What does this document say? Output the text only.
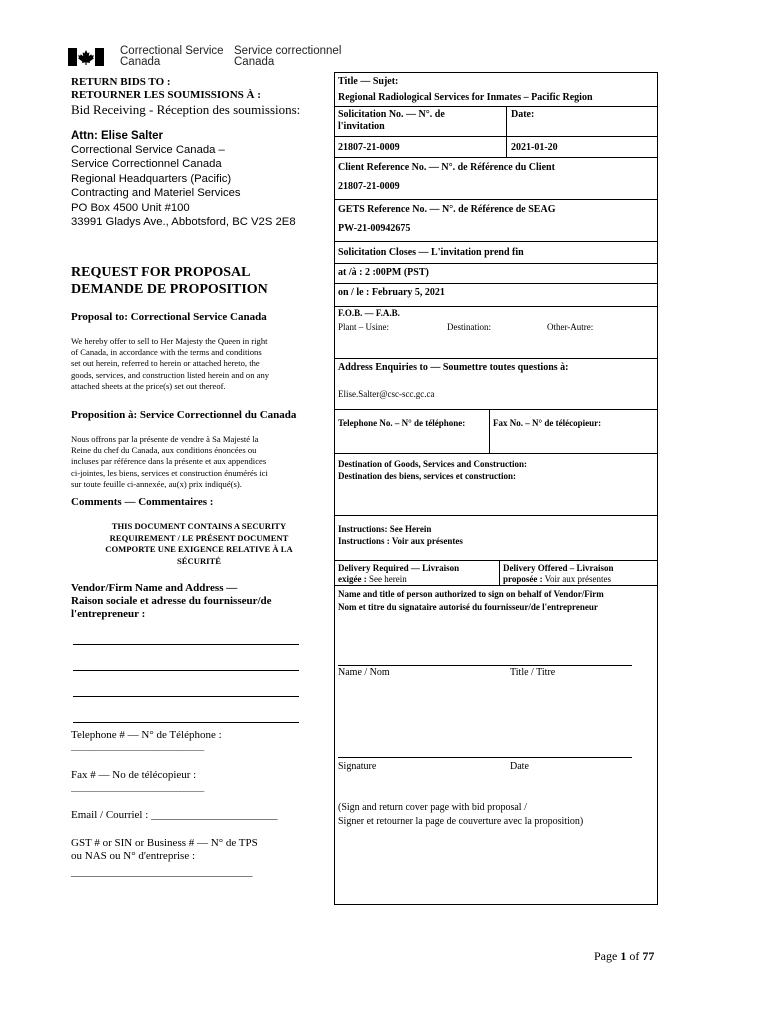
Correctional Service
Canada
Service correctionnel
Canada
RETURN BIDS TO :
RETOURNER LES SOUMISSIONS À :
Bid Receiving - Réception des soumissions:
Attn: Elise Salter
Correctional Service Canada –
Service Correctionnel Canada
Regional Headquarters (Pacific)
Contracting and Materiel Services
PO Box 4500 Unit #100
33991 Gladys Ave., Abbotsford, BC V2S 2E8
REQUEST FOR PROPOSAL
DEMANDE DE PROPOSITION
Proposal to: Correctional Service Canada
We hereby offer to sell to Her Majesty the Queen in right
of Canada, in accordance with the terms and conditions
set out herein, referred to herein or attached hereto, the
goods, services, and construction listed herein and on any
attached sheets at the price(s) set out thereof.
Proposition à: Service Correctionnel du Canada
Nous offrons par la présente de vendre à Sa Majesté la
Reine du chef du Canada, aux conditions énoncées ou
incluses par référence dans la présente et aux appendices
ci-jointes, les biens, services et construction énumérés ici
sur toute feuille ci-annexée, au(x) prix indiqué(s).
Comments — Commentaires :
THIS DOCUMENT CONTAINS A SECURITY
REQUIREMENT / LE PRÉSENT DOCUMENT
COMPORTE UNE EXIGENCE RELATIVE À LA
SÉCURITÉ
Vendor/Firm Name and Address —
Raison sociale et adresse du fournisseur/de
l'entrepreneur :
Telephone # — N° de Téléphone :
_______________________________________
Fax # — No de télécopieur :
_______________________________________
Email / Courriel : _______________________
GST # or SIN or Business # — N° de TPS
ou NAS ou N° d'entreprise :
_________________________________
Title — Sujet:
Regional Radiological Services for Inmates – Pacific Region
Solicitation No. — N°. de
l'invitation
Date:
21807-21-0009	2021-01-20
Client Reference No. — N°. de Référence du Client
21807-21-0009
GETS Reference No. — N°. de Référence de SEAG
PW-21-00942675
Solicitation Closes — L'invitation prend fin
at /à : 2 :00PM (PST)
on / le : February 5, 2021
F.O.B. — F.A.B.
Plant – Usine:	Destination:	Other-Autre:
Address Enquiries to — Soumettre toutes questions à:
Elise.Salter@csc-scc.gc.ca
Telephone No. – N° de téléphone:	Fax No. – N° de télécopieur:
Destination of Goods, Services and Construction:
Destination des biens, services et construction:
Instructions: See Herein
Instructions : Voir aux présentes
Delivery Required — Livraison
exigée : See herein
Delivery Offered – Livraison
proposée : Voir aux présentes
Name and title of person authorized to sign on behalf of Vendor/Firm
Nom et titre du signataire autorisé du fournisseur/de l'entrepreneur
Name / Nom	Title / Titre
Signature	Date
(Sign and return cover page with bid proposal /
Signer et retourner la page de couverture avec la proposition)
Page 1 of 77
